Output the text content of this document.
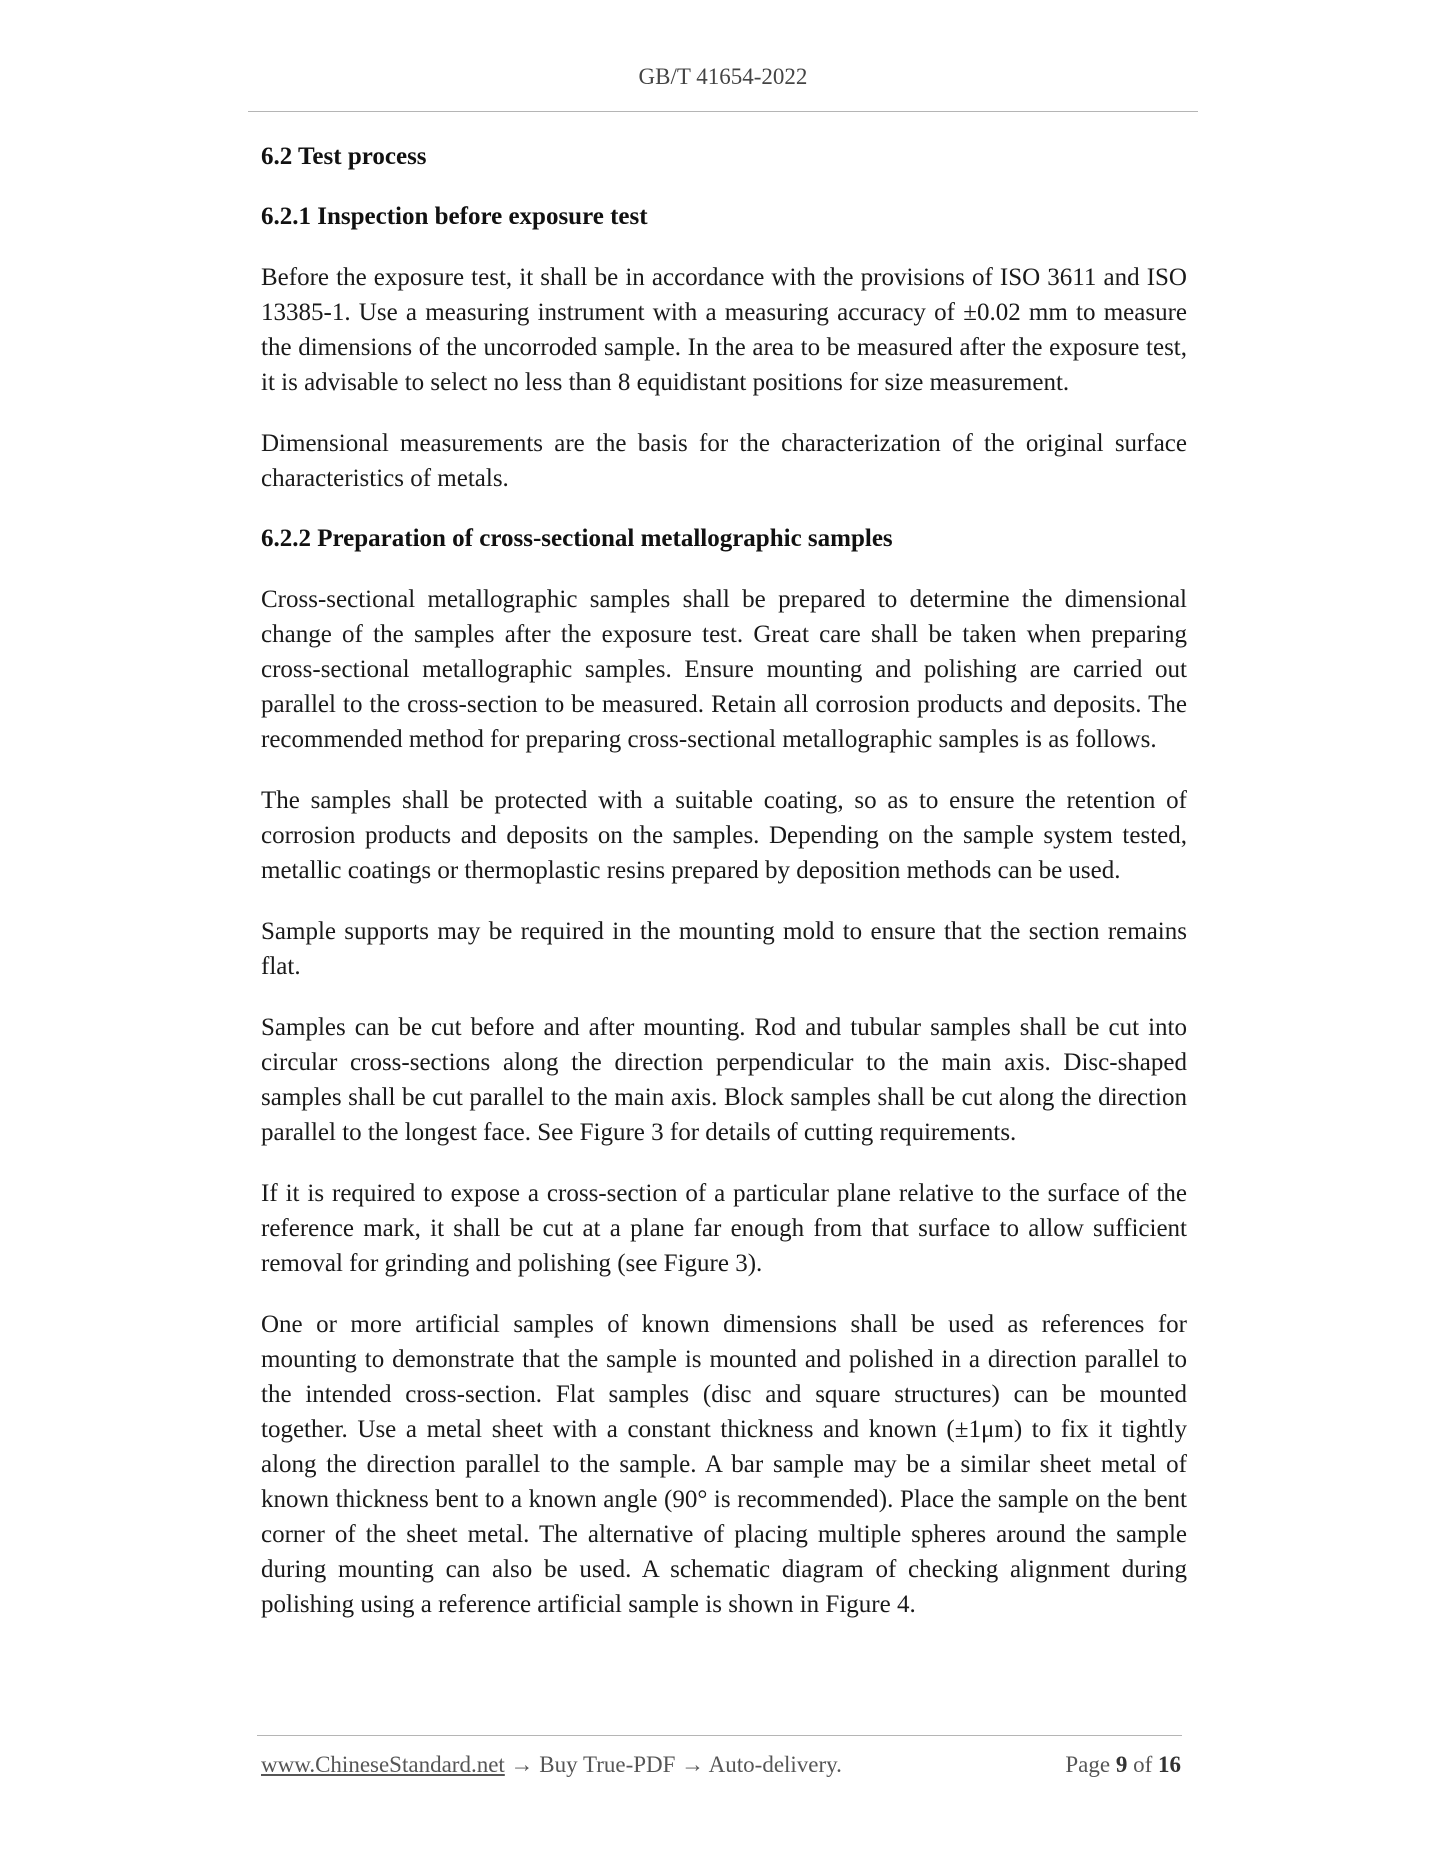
GB/T 41654-2022
6.2 Test process
6.2.1 Inspection before exposure test

Before the exposure test, it shall be in accordance with the provisions of ISO 3611 and ISO 13385-1. Use a measuring instrument with a measuring accuracy of ±0.02 mm to measure the dimensions of the uncorroded sample. In the area to be measured after the exposure test, it is advisable to select no less than 8 equidistant positions for size measurement.

Dimensional measurements are the basis for the characterization of the original surface characteristics of metals.

6.2.2 Preparation of cross-sectional metallographic samples

Cross-sectional metallographic samples shall be prepared to determine the dimensional change of the samples after the exposure test. Great care shall be taken when preparing cross-sectional metallographic samples. Ensure mounting and polishing are carried out parallel to the cross-section to be measured. Retain all corrosion products and deposits. The recommended method for preparing cross-sectional metallographic samples is as follows.

The samples shall be protected with a suitable coating, so as to ensure the retention of corrosion products and deposits on the samples. Depending on the sample system tested, metallic coatings or thermoplastic resins prepared by deposition methods can be used.

Sample supports may be required in the mounting mold to ensure that the section remains flat.

Samples can be cut before and after mounting. Rod and tubular samples shall be cut into circular cross-sections along the direction perpendicular to the main axis. Disc-shaped samples shall be cut parallel to the main axis. Block samples shall be cut along the direction parallel to the longest face. See Figure 3 for details of cutting requirements.

If it is required to expose a cross-section of a particular plane relative to the surface of the reference mark, it shall be cut at a plane far enough from that surface to allow sufficient removal for grinding and polishing (see Figure 3).

One or more artificial samples of known dimensions shall be used as references for mounting to demonstrate that the sample is mounted and polished in a direction parallel to the intended cross-section. Flat samples (disc and square structures) can be mounted together. Use a metal sheet with a constant thickness and known (±1μm) to fix it tightly along the direction parallel to the sample. A bar sample may be a similar sheet metal of known thickness bent to a known angle (90° is recommended). Place the sample on the bent corner of the sheet metal. The alternative of placing multiple spheres around the sample during mounting can also be used. A schematic diagram of checking alignment during polishing using a reference artificial sample is shown in Figure 4.

www.ChineseStandard.net → Buy True-PDF → Auto-delivery.	Page 9 of 16
